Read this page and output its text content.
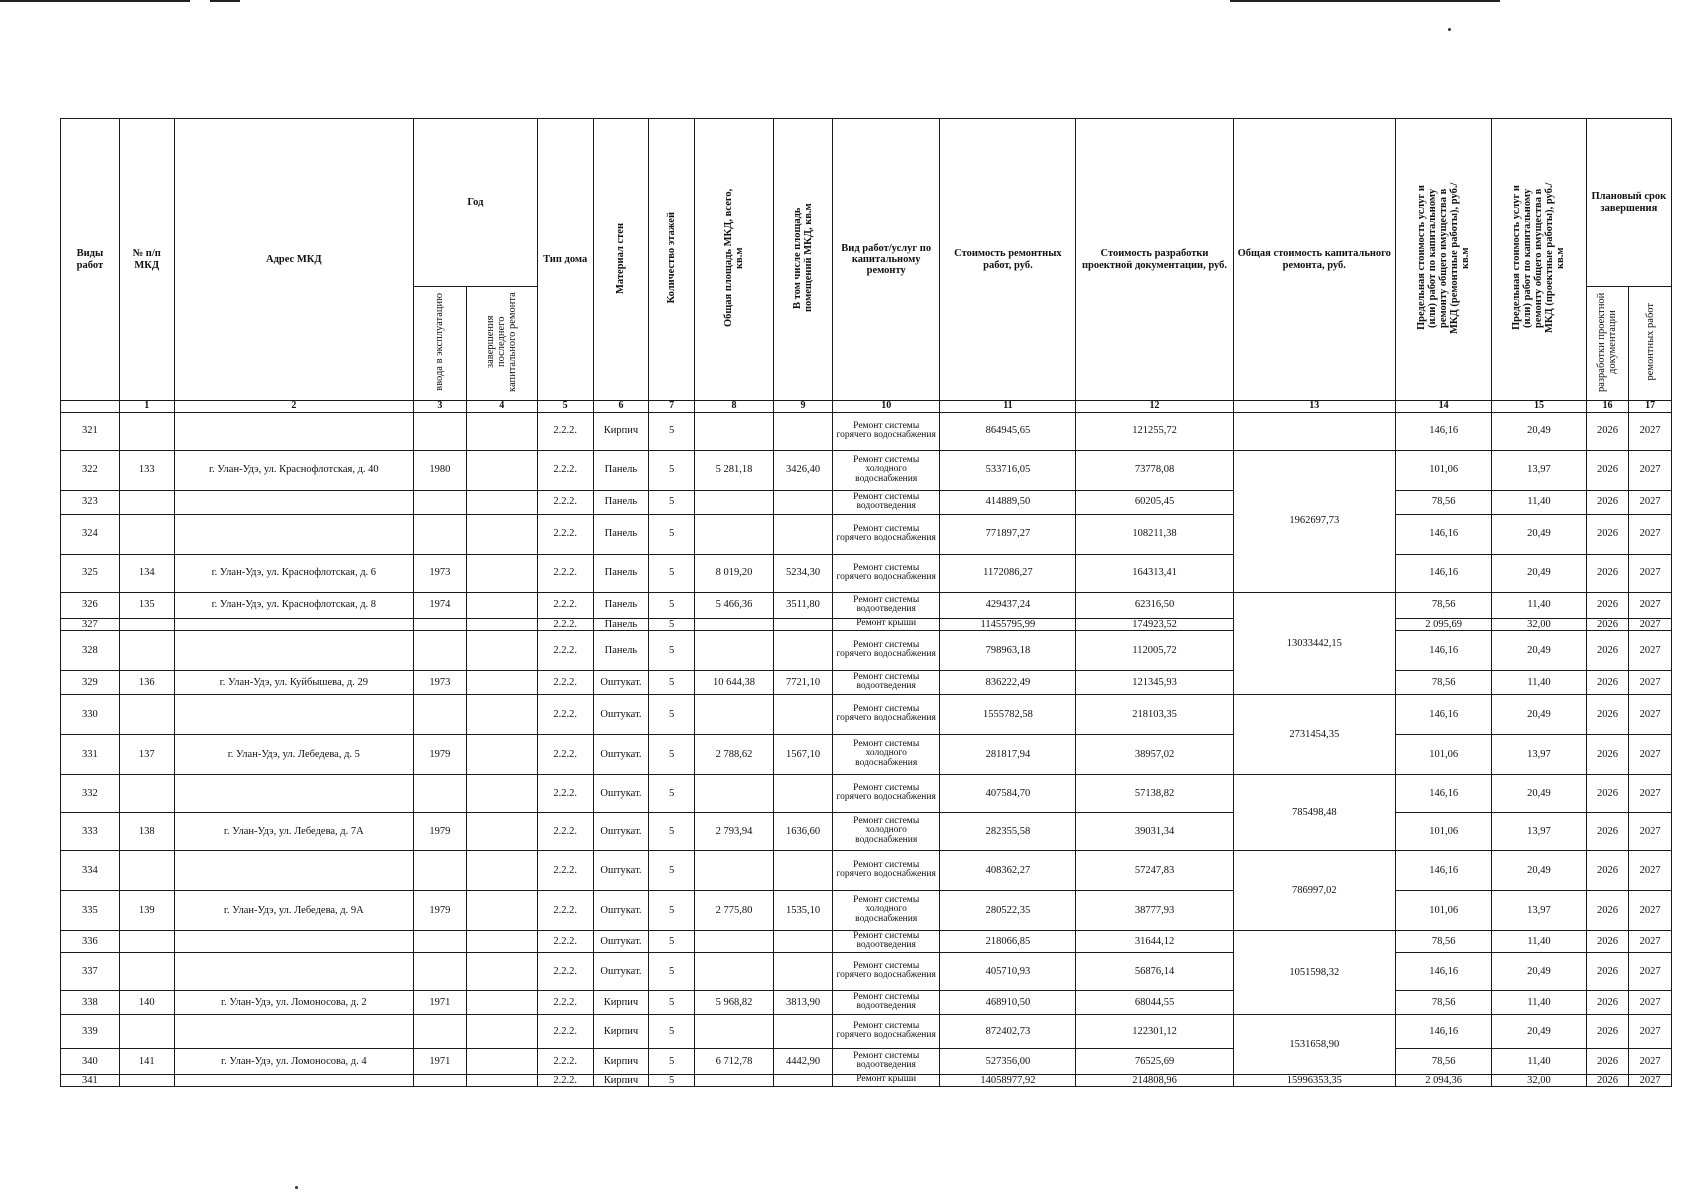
Виды работ	№ п/п МКД	Адрес МКД	Год		Тип дома	Материал стен	Количество этажей	Общая площадь МКД, всего, кв.м	В том числе площадь помещений МКД, кв.м	Вид работ/услуг по капитальному ремонту	Стоимость ремонтных работ, руб.	Стоимость разработки проектной документации, руб.	Общая стоимость капитального ремонта, руб.	Предельная стоимость услуг и (или) работ по капитальному ремонту общего имущества в МКД (ремонтные работы), руб./кв.м	Предельная стоимость услуг и (или) работ по капитальному ремонту общего имущества в МКД (проектные работы), руб./кв.м	Плановый срок завершения	
			ввода в эксплуатацию	завершения последнего капитального ремонта												разработки проектной документации	ремонтных работ
	1	2	3	4	5	6	7	8	9	10	11	12	13	14	15	16	17
321					2.2.2.	Кирпич	5			Ремонт системы горячего водоснабжения	864945,65	121255,72		146,16	20,49	2026	2027
322	133	г. Улан-Удэ, ул. Краснофлотская, д. 40	1980		2.2.2.	Панель	5	5 281,18	3426,40	Ремонт системы холодного водоснабжения	533716,05	73778,08	1962697,73	101,06	13,97	2026	2027
323					2.2.2.	Панель	5			Ремонт системы водоотведения	414889,50	60205,45		78,56	11,40	2026	2027
324					2.2.2.	Панель	5			Ремонт системы горячего водоснабжения	771897,27	108211,38		146,16	20,49	2026	2027
325	134	г. Улан-Удэ, ул. Краснофлотская, д. 6	1973		2.2.2.	Панель	5	8 019,20	5234,30	Ремонт системы горячего водоснабжения	1172086,27	164313,41		146,16	20,49	2026	2027
326	135	г. Улан-Удэ, ул. Краснофлотская, д. 8	1974		2.2.2.	Панель	5	5 466,36	3511,80	Ремонт системы водоотведения	429437,24	62316,50	13033442,15	78,56	11,40	2026	2027
327					2.2.2.	Панель	5			Ремонт крыши	11455795,99	174923,52		2 095,69	32,00	2026	2027
328					2.2.2.	Панель	5			Ремонт системы горячего водоснабжения	798963,18	112005,72		146,16	20,49	2026	2027
329	136	г. Улан-Удэ, ул. Куйбышева, д. 29	1973		2.2.2.	Оштукат.	5	10 644,38	7721,10	Ремонт системы водоотведения	836222,49	121345,93		78,56	11,40	2026	2027
330					2.2.2.	Оштукат.	5			Ремонт системы горячего водоснабжения	1555782,58	218103,35	2731454,35	146,16	20,49	2026	2027
331	137	г. Улан-Удэ, ул. Лебедева, д. 5	1979		2.2.2.	Оштукат.	5	2 788,62	1567,10	Ремонт системы холодного водоснабжения	281817,94	38957,02		101,06	13,97	2026	2027
332					2.2.2.	Оштукат.	5			Ремонт системы горячего водоснабжения	407584,70	57138,82	785498,48	146,16	20,49	2026	2027
333	138	г. Улан-Удэ, ул. Лебедева, д. 7А	1979		2.2.2.	Оштукат.	5	2 793,94	1636,60	Ремонт системы холодного водоснабжения	282355,58	39031,34		101,06	13,97	2026	2027
334					2.2.2.	Оштукат.	5			Ремонт системы горячего водоснабжения	408362,27	57247,83	786997,02	146,16	20,49	2026	2027
335	139	г. Улан-Удэ, ул. Лебедева, д. 9А	1979		2.2.2.	Оштукат.	5	2 775,80	1535,10	Ремонт системы холодного водоснабжения	280522,35	38777,93		101,06	13,97	2026	2027
336					2.2.2.	Оштукат.	5			Ремонт системы водоотведения	218066,85	31644,12	1051598,32	78,56	11,40	2026	2027
337					2.2.2.	Оштукат.	5			Ремонт системы горячего водоснабжения	405710,93	56876,14		146,16	20,49	2026	2027
338	140	г. Улан-Удэ, ул. Ломоносова, д. 2	1971		2.2.2.	Кирпич	5	5 968,82	3813,90	Ремонт системы водоотведения	468910,50	68044,55		78,56	11,40	2026	2027
339					2.2.2.	Кирпич	5			Ремонт системы горячего водоснабжения	872402,73	122301,12	1531658,90	146,16	20,49	2026	2027
340	141	г. Улан-Удэ, ул. Ломоносова, д. 4	1971		2.2.2.	Кирпич	5	6 712,78	4442,90	Ремонт системы водоотведения	527356,00	76525,69		78,56	11,40	2026	2027
341					2.2.2.	Кирпич	5			Ремонт крыши	14058977,92	214808,96	15996353,35	2 094,36	32,00	2026	2027
